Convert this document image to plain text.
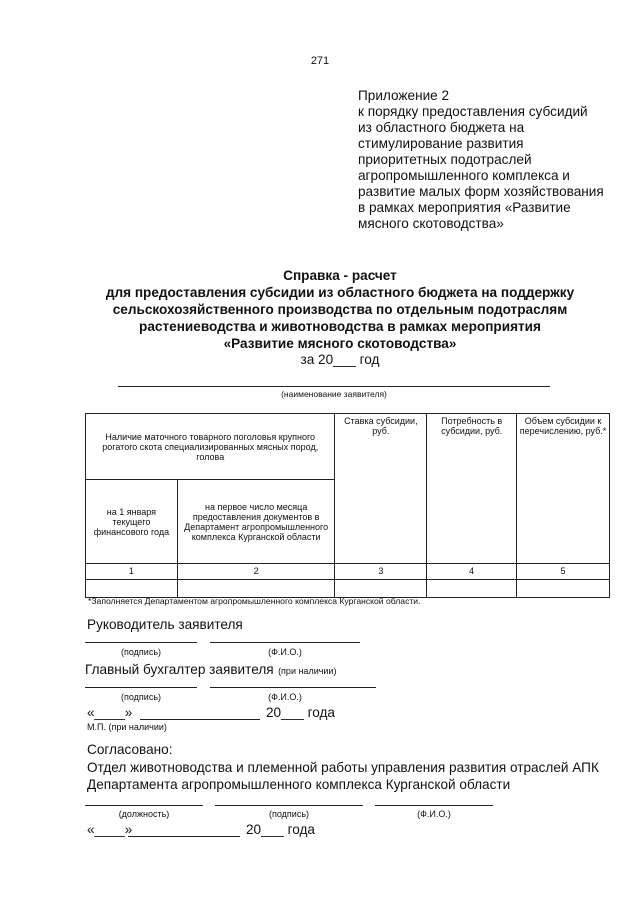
271
Приложение 2
к порядку предоставления субсидий
из областного бюджета на
стимулирование развития
приоритетных подотраслей
агропромышленного комплекса и
развитие малых форм хозяйствования
в рамках мероприятия «Развитие
мясного скотоводства»
Справка - расчет
для предоставления субсидии из областного бюджета на поддержку
сельскохозяйственного производства по отдельным подотраслям
растениеводства и животноводства в рамках мероприятия
«Развитие мясного скотоводства»
за 20___ год
(наименование заявителя)
Наличие маточного товарного поголовья крупного рогатого скота специализированных мясных пород, голова		Ставка субсидии, руб.	Потребность в субсидии, руб.	Объем субсидии к перечислению, руб.*
на 1 января текущего финансового года	на первое число месяца предоставления документов в Департамент агропромышленного комплекса Курганской области			
1	2	3	4	5

*Заполняется Департаментом агропромышленного комплекса Курганской области.
Руководитель заявителя
(подпись)	(Ф.И.О.)
Главный бухгалтер заявителя (при наличии)
(подпись)	(Ф.И.О.)
«____»	20___ года
М.П. (при наличии)
Согласовано:
Отдел животноводства и племенной работы управления развития отраслей АПК
Департамента агропромышленного комплекса Курганской области
(должность)	(подпись)	(Ф.И.О.)
«____»	20___ года
